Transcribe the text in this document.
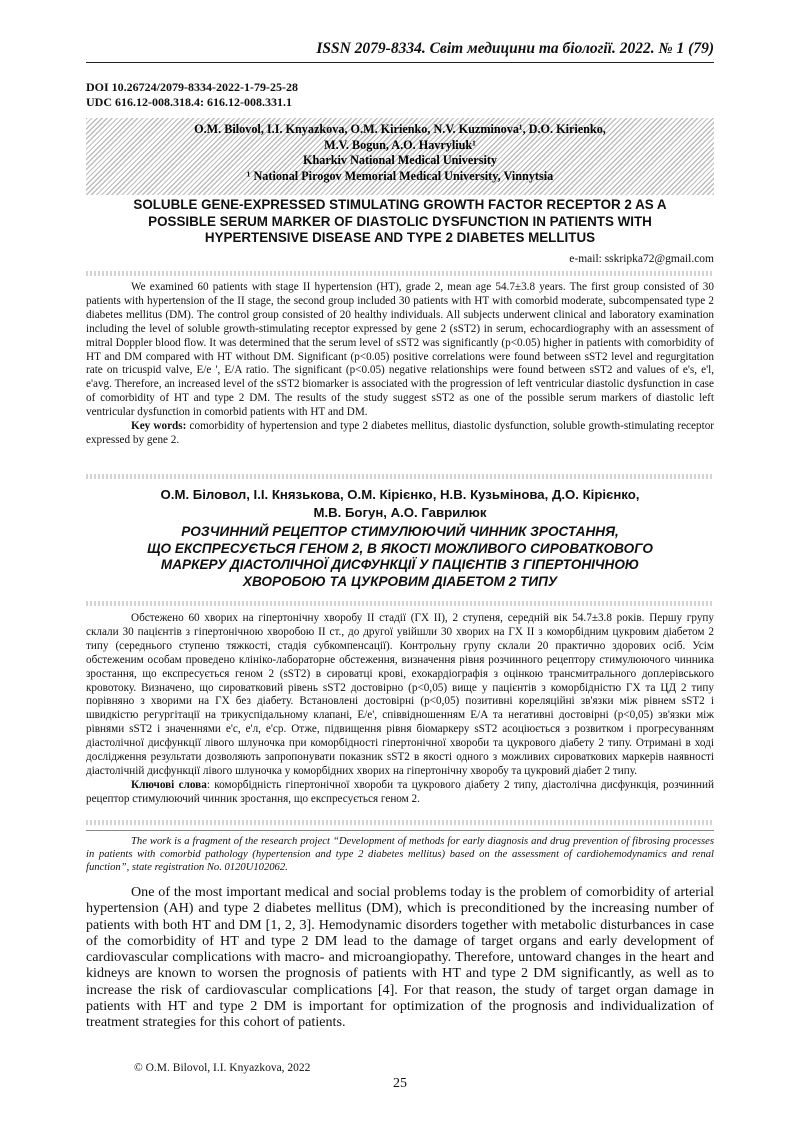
ISSN 2079-8334. Світ медицини та біології. 2022. № 1 (79)
DOI 10.26724/2079-8334-2022-1-79-25-28
UDC 616.12-008.318.4: 616.12-008.331.1
O.M. Bilovol, I.I. Knyazkova, O.M. Kirienko, N.V. Kuzminova¹, D.O. Kirienko,
M.V. Bogun, A.O. Havryliuk¹
Kharkiv National Medical University
¹ National Pirogov Memorial Medical University, Vinnytsia
SOLUBLE GENE-EXPRESSED STIMULATING GROWTH FACTOR RECEPTOR 2 AS A
POSSIBLE SERUM MARKER OF DIASTOLIC DYSFUNCTION IN PATIENTS WITH
HYPERTENSIVE DISEASE AND TYPE 2 DIABETES MELLITUS
e-mail: sskripka72@gmail.com

We examined 60 patients with stage II hypertension (HT), grade 2, mean age 54.7±3.8 years. The first group consisted of 30 patients with hypertension of the II stage, the second group included 30 patients with HT with comorbid moderate, subcompensated type 2 diabetes mellitus (DM). The control group consisted of 20 healthy individuals. All subjects underwent clinical and laboratory examination including the level of soluble growth-stimulating receptor expressed by gene 2 (sST2) in serum, echocardiography with an assessment of mitral Doppler blood flow. It was determined that the serum level of sST2 was significantly (p<0.05) higher in patients with comorbidity of HT and DM compared with HT without DM. Significant (p<0.05) positive correlations were found between sST2 level and regurgitation rate on tricuspid valve, E/e ', E/A ratio. The significant (p<0.05) negative relationships were found between sST2 and values of e's, e'l, e'avg. Therefore, an increased level of the sST2 biomarker is associated with the progression of left ventricular diastolic dysfunction in case of comorbidity of HT and type 2 DM. The results of the study suggest sST2 as one of the possible serum markers of diastolic left ventricular dysfunction in comorbid patients with HT and DM.

Key words: comorbidity of hypertension and type 2 diabetes mellitus, diastolic dysfunction, soluble growth-stimulating receptor expressed by gene 2.

О.М. Біловол, І.І. Князькова, О.М. Кірієнко, Н.В. Кузьмінова, Д.О. Кірієнко,
М.В. Богун, А.О. Гаврилюк
РОЗЧИННИЙ РЕЦЕПТОР СТИМУЛЮЮЧИЙ ЧИННИК ЗРОСТАННЯ,
ЩО ЕКСПРЕСУЄТЬСЯ ГЕНОМ 2, В ЯКОСТІ МОЖЛИВОГО СИРОВАТКОВОГО
МАРКЕРУ ДІАСТОЛІЧНОЇ ДИСФУНКЦІЇ У ПАЦІЄНТІВ З ГІПЕРТОНІЧНОЮ
ХВОРОБОЮ ТА ЦУКРОВИМ ДІАБЕТОМ 2 ТИПУ

Обстежено 60 хворих на гіпертонічну хворобу II стадії (ГХ II), 2 ступеня, середній вік 54.7±3.8 років. Першу групу склали 30 пацієнтів з гіпертонічною хворобою II ст., до другої увійшли 30 хворих на ГХ II з коморбідним цукровим діабетом 2 типу (середнього ступеню тяжкості, стадія субкомпенсації). Контрольну групу склали 20 практично здорових осіб. Усім обстеженим особам проведено клініко-лабораторне обстеження, визначення рівня розчинного рецептору стимулюючого чинника зростання, що експресується геном 2 (sST2) в сироватці крові, ехокардіографія з оцінкою трансмитрального доплерівського кровотоку. Визначено, що сироватковий рівень sST2 достовірно (p<0,05) вище у пацієнтів з коморбідністю ГХ та ЦД 2 типу порівняно з хворими на ГХ без діабету. Встановлені достовірні (p<0,05) позитивні кореляційні зв'язки між рівнем sST2 і швидкістю регургітації на трикуспідальному клапані, E/e', співвідношенням E/A та негативні достовірні (p<0,05) зв'язки між рівнями sST2 і значеннями e'с, e'л, e'ср. Отже, підвищення рівня біомаркеру sST2 асоціюється з розвитком і прогресуванням діастолічної дисфункції лівого шлуночка при коморбідності гіпертонічної хвороби та цукрового діабету 2 типу. Отримані в ході дослідження результати дозволяють запропонувати показник sST2 в якості одного з можливих сироваткових маркерів наявності діастолічній дисфункції лівого шлуночка у коморбідних хворих на гіпертонічну хворобу та цукровий діабет 2 типу.

Ключові слова: коморбідність гіпертонічної хвороби та цукрового діабету 2 типу, діастолічна дисфункція, розчинний рецептор стимулюючий чинник зростання, що експресується геном 2.

The work is a fragment of the research project “Development of methods for early diagnosis and drug prevention of fibrosing processes in patients with comorbid pathology (hypertension and type 2 diabetes mellitus) based on the assessment of cardiohemodynamics and renal function”, state registration No. 0120U102062.
One of the most important medical and social problems today is the problem of comorbidity of arterial hypertension (AH) and type 2 diabetes mellitus (DM), which is preconditioned by the increasing number of patients with both HT and DM [1, 2, 3]. Hemodynamic disorders together with metabolic disturbances in case of the comorbidity of HT and type 2 DM lead to the damage of target organs and early development of cardiovascular complications with macro- and microangiopathy. Therefore, untoward changes in the heart and kidneys are known to worsen the prognosis of patients with HT and type 2 DM significantly, as well as to increase the risk of cardiovascular complications [4]. For that reason, the study of target organ damage in patients with HT and type 2 DM is important for optimization of the prognosis and individualization of treatment strategies for this cohort of patients.
© O.M. Bilovol, I.I. Knyazkova, 2022
25
